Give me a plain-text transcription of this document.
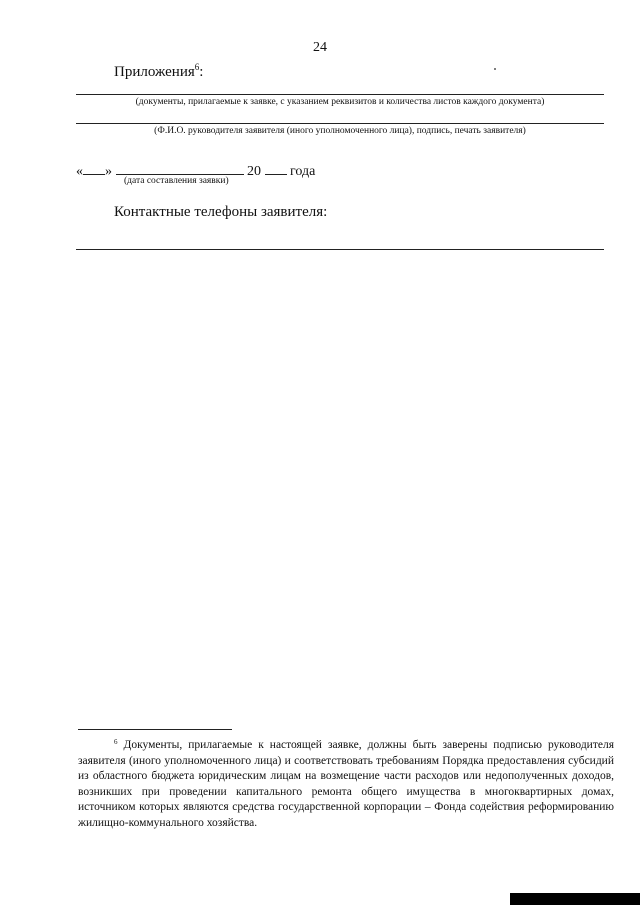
24
Приложения$^6$:
(документы, прилагаемые к заявке, с указанием реквизитов и количества листов каждого документа)
(Ф.И.О. руководителя заявителя (иного уполномоченного лица), подпись, печать заявителя)
« »	20 года
(дата составления заявки)
Контактные телефоны заявителя:
$^6$ Документы, прилагаемые к настоящей заявке, должны быть заверены подписью руководителя заявителя (иного уполномоченного лица) и соответствовать требованиям Порядка предоставления субсидий из областного бюджета юридическим лицам на возмещение части расходов или недополученных доходов, возникших при проведении капитального ремонта общего имущества в многоквартирных домах, источником которых являются средства государственной корпорации – Фонда содействия реформированию жилищно-коммунального хозяйства.
